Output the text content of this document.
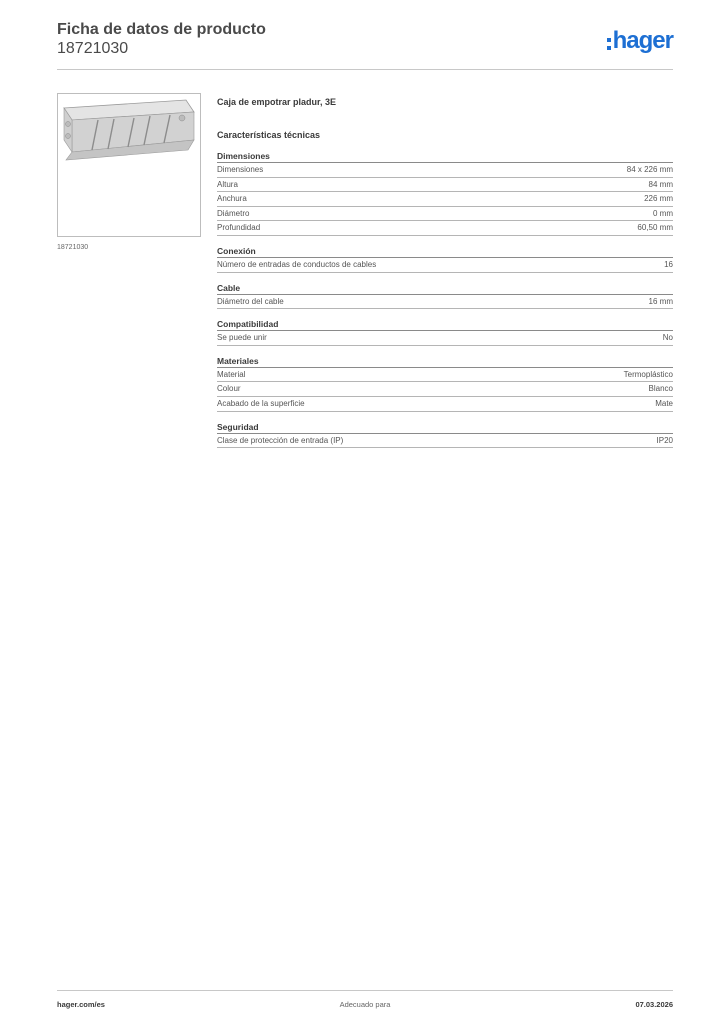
Ficha de datos de producto
18721030	hager
18721030
Caja de empotrar pladur, 3E
Características técnicas
Dimensiones
Dimensiones	84 x 226 mm
Altura	84 mm
Anchura	226 mm
Diámetro	0 mm
Profundidad	60,50 mm
Conexión
Número de entradas de conductos de cables	16
Cable
Diámetro del cable	16 mm
Compatibilidad
Se puede unir	No
Materiales
Material	Termoplástico
Colour	Blanco
Acabado de la superficie	Mate
Seguridad
Clase de protección de entrada (IP)	IP20
Adecuado para
hager.com/es	07.03.2026
